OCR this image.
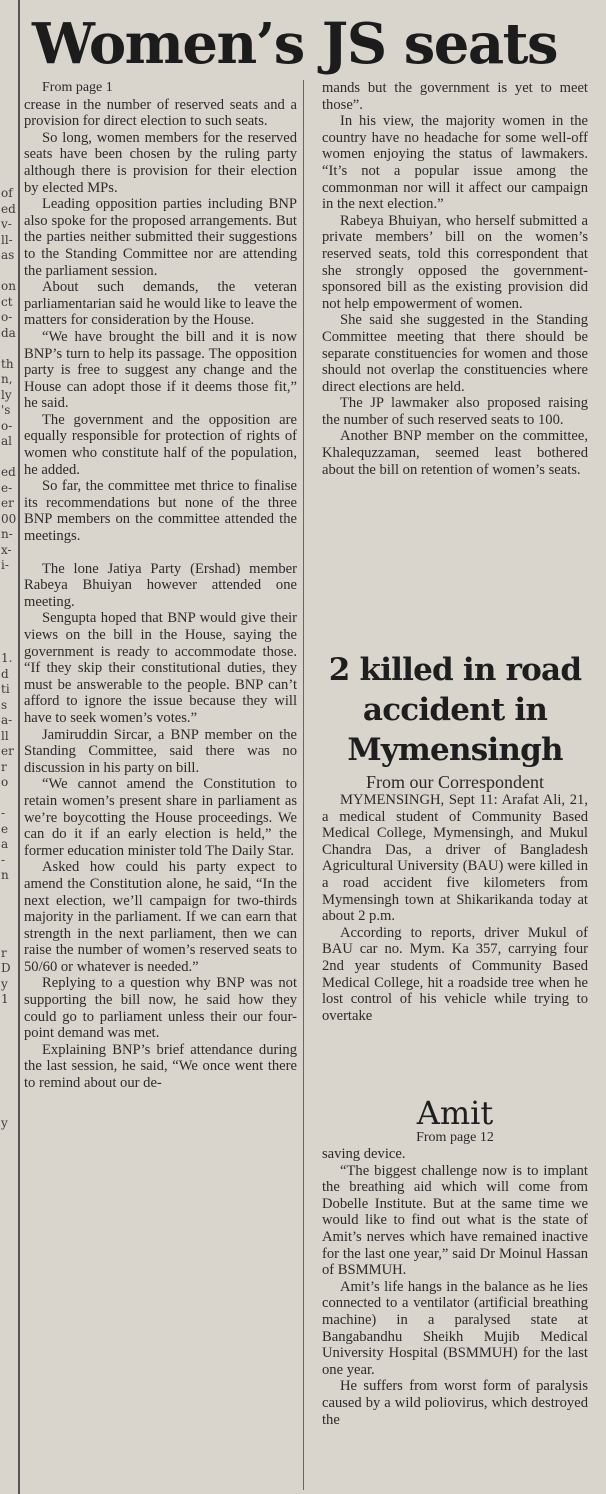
of
ed
v-
ll-
as
on
ct
o-
da
th
n,
ly
's
o-
al
ed
e-
er
00
n-
x-
i-
1.
d
ti
s
a-
ll
er
r
o
-
e
a
-
n
r
D
y
1
y
Women’s JS seats

From page 1

crease in the number of reserved seats and a provision for direct election to such seats.

So long, women members for the reserved seats have been chosen by the ruling party although there is provision for their election by elected MPs.

Leading opposition parties including BNP also spoke for the proposed arrangements. But the parties neither submitted their suggestions to the Standing Committee nor are attending the parliament session.

About such demands, the veteran parliamentarian said he would like to leave the matters for consideration by the House.

“We have brought the bill and it is now BNP’s turn to help its passage. The opposition party is free to suggest any change and the House can adopt those if it deems those fit,” he said.

The government and the opposition are equally responsible for protection of rights of women who constitute half of the population, he added.

So far, the committee met thrice to finalise its recommendations but none of the three BNP members on the committee attended the meetings.

The lone Jatiya Party (Ershad) member Rabeya Bhuiyan however attended one meeting.

Sengupta hoped that BNP would give their views on the bill in the House, saying the government is ready to accommodate those. “If they skip their constitutional duties, they must be answerable to the people. BNP can’t afford to ignore the issue because they will have to seek women’s votes.”

Jamiruddin Sircar, a BNP member on the Standing Committee, said there was no discussion in his party on bill.

“We cannot amend the Constitution to retain women’s present share in parliament as we’re boycotting the House proceedings. We can do it if an early election is held,” the former education minister told The Daily Star.

Asked how could his party expect to amend the Constitution alone, he said, “In the next election, we’ll campaign for two-thirds majority in the parliament. If we can earn that strength in the next parliament, then we can raise the number of women’s reserved seats to 50/60 or whatever is needed.”

Replying to a question why BNP was not supporting the bill now, he said how they could go to parliament unless their our four-point demand was met.

Explaining BNP’s brief attendance during the last session, he said, “We once went there to remind about our de-

mands but the government is yet to meet those”.

In his view, the majority women in the country have no headache for some well-off women enjoying the status of lawmakers. “It’s not a popular issue among the commonman nor will it affect our campaign in the next election.”

Rabeya Bhuiyan, who herself submitted a private members’ bill on the women’s reserved seats, told this correspondent that she strongly opposed the government-sponsored bill as the existing provision did not help empowerment of women.

She said she suggested in the Standing Committee meeting that there should be separate constituencies for women and those should not overlap the constituencies where direct elections are held.

The JP lawmaker also proposed raising the number of such reserved seats to 100.

Another BNP member on the committee, Khalequzzaman, seemed least bothered about the bill on retention of women’s seats.

2 killed in road accident in Mymensingh
From our Correspondent

MYMENSINGH, Sept 11: Arafat Ali, 21, a medical student of Community Based Medical College, Mymensingh, and Mukul Chandra Das, a driver of Bangladesh Agricultural University (BAU) were killed in a road accident five kilometers from Mymensingh town at Shikarikanda today at about 2 p.m.

According to reports, driver Mukul of BAU car no. Mym. Ka 357, carrying four 2nd year students of Community Based Medical College, hit a roadside tree when he lost control of his vehicle while trying to overtake

Amit

From page 12

saving device.

“The biggest challenge now is to implant the breathing aid which will come from Dobelle Institute. But at the same time we would like to find out what is the state of Amit’s nerves which have remained inactive for the last one year,” said Dr Moinul Hassan of BSMMUH.

Amit’s life hangs in the balance as he lies connected to a ventilator (artificial breathing machine) in a paralysed state at Bangabandhu Sheikh Mujib Medical University Hospital (BSMMUH) for the last one year.

He suffers from worst form of paralysis caused by a wild poliovirus, which destroyed the
